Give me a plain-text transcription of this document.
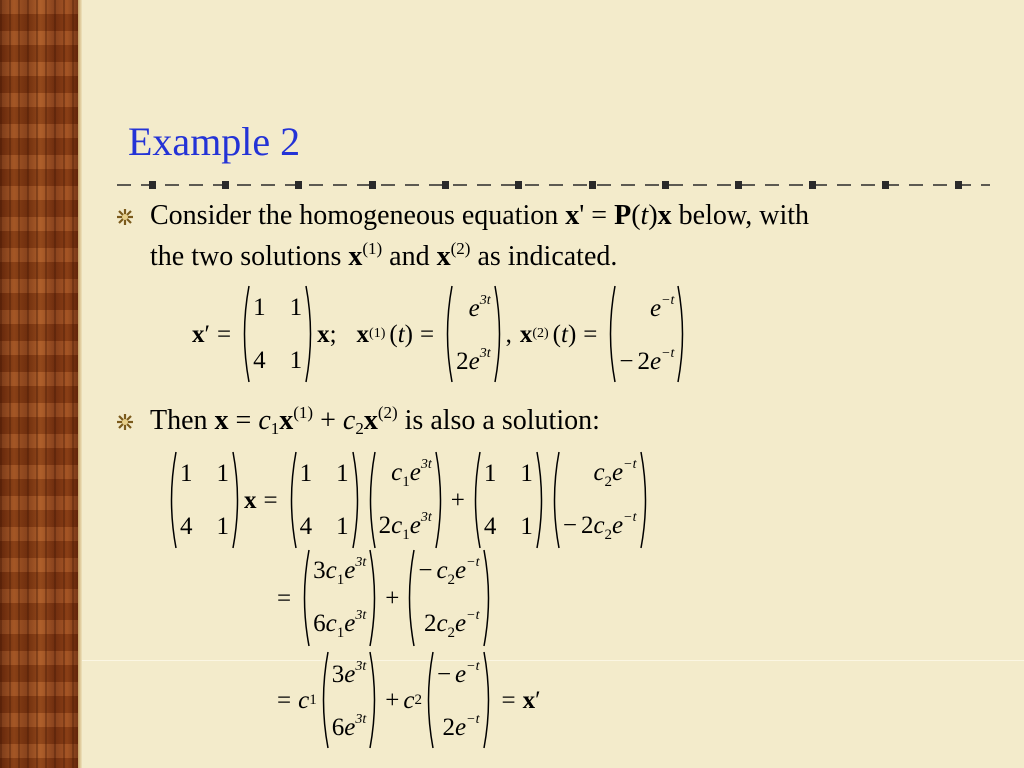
Example 2
Consider the homogeneous equation x' = P(t)x below, with
the two solutions $x^{(1)}$ and $x^{(2)}$ as indicated.
x ′ =
1 1
4 1
x ; x (1) ( t ) =
$e^{3t}$
$2e^{3t}$
, x (2) ( t ) =
$e^{-t}$
− $2e^{-t}$
Then $x = c_1x^{(1)} + c_2x^{(2)}$ is also a solution:
1 1
4 1
x =
1 1
4 1
$c_1e^{3t}$
$2c_1e^{3t}$
+
1 1
4 1
$c_2e^{-t}$
− $2c_2e^{-t}$
=
$3c_1e^{3t}$
$6c_1e^{3t}$
+
− $c_2e^{-t}$
$2c_2e^{-t}$
= c 1
$3e^{3t}$
$6e^{3t}$
+ c 2
− $e^{-t}$
$2e^{-t}$
= x ′
